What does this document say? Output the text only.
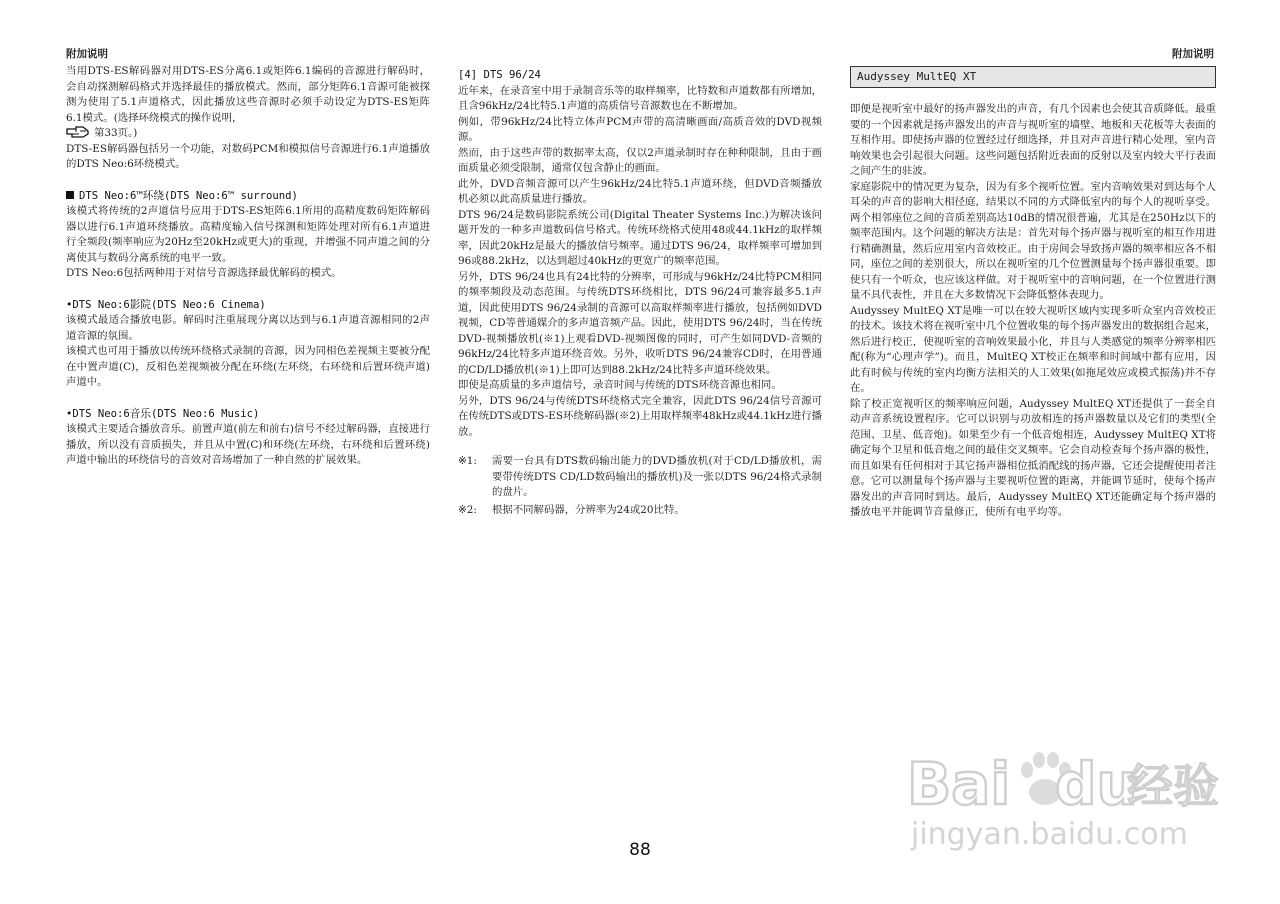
附加说明	附加说明

当用DTS-ES解码器对用DTS-ES分离6.1或矩阵6.1编码的音源进行解码时，会自动探测解码格式并选择最佳的播放模式。然而，部分矩阵6.1音源可能被探测为使用了5.1声道格式，因此播放这些音源时必须手动设定为DTS-ES矩阵6.1模式。(选择环绕模式的操作说明，
第33页。)

DTS-ES解码器包括另一个功能，对数码PCM和模拟信号音源进行6.1声道播放的DTS Neo:6环绕模式。

DTS Neo:6™环绕(DTS Neo:6™ surround)

该模式将传统的2声道信号应用于DTS-ES矩阵6.1所用的高精度数码矩阵解码器以进行6.1声道环绕播放。高精度输入信号探测和矩阵处理对所有6.1声道进行全频段(频率响应为20Hz至20kHz或更大)的重现，并增强不同声道之间的分离使其与数码分离系统的电平一致。

DTS Neo:6包括两种用于对信号音源选择最优解码的模式。

•DTS Neo:6影院(DTS Neo:6 Cinema)

该模式最适合播放电影。解码时注重展现分离以达到与6.1声道音源相同的2声道音源的氛围。

该模式也可用于播放以传统环绕格式录制的音源，因为同相色差视频主要被分配在中置声道(C)，反相色差视频被分配在环绕(左环绕，右环绕和后置环绕声道)声道中。

•DTS Neo:6音乐(DTS Neo:6 Music)

该模式主要适合播放音乐。前置声道(前左和前右)信号不经过解码器，直接进行播放，所以没有音质损失，并且从中置(C)和环绕(左环绕，右环绕和后置环绕)声道中输出的环绕信号的音效对音场增加了一种自然的扩展效果。

[4] DTS 96/24

近年来，在录音室中用于录制音乐等的取样频率，比特数和声道数都有所增加，且含96kHz/24比特5.1声道的高质信号音源数也在不断增加。

例如，带96kHz/24比特立体声PCM声带的高清晰画面/高质音效的DVD视频源。

然而，由于这些声带的数据率太高，仅以2声道录制时存在种种限制，且由于画面质量必须受限制，通常仅包含静止的画面。

此外，DVD音频音源可以产生96kHz/24比特5.1声道环绕，但DVD音频播放机必须以此高质量进行播放。

DTS 96/24是数码影院系统公司(Digital Theater Systems Inc.)为解决该问题开发的一种多声道数码信号格式。传统环绕格式使用48或44.1kHz的取样频率，因此20kHz是最大的播放信号频率。通过DTS 96/24，取样频率可增加到96或88.2kHz，以达到超过40kHz的更宽广的频率范围。

另外，DTS 96/24也具有24比特的分辨率，可形成与96kHz/24比特PCM相同的频率频段及动态范围。与传统DTS环绕相比，DTS 96/24可兼容最多5.1声道，因此使用DTS 96/24录制的音源可以高取样频率进行播放，包括例如DVD视频，CD等普通媒介的多声道音频产品。因此，使用DTS 96/24时，当在传统DVD-视频播放机(※1)上观看DVD-视频图像的同时，可产生如同DVD-音频的96kHz/24比特多声道环绕音效。另外，收听DTS 96/24兼容CD时，在用普通的CD/LD播放机(※1)上即可达到88.2kHz/24比特多声道环绕效果。

即使是高质量的多声道信号，录音时间与传统的DTS环绕音源也相同。

另外，DTS 96/24与传统DTS环绕格式完全兼容，因此DTS 96/24信号音源可在传统DTS或DTS-ES环绕解码器(※2)上用取样频率48kHz或44.1kHz进行播放。

※1:	需要一台具有DTS数码输出能力的DVD播放机(对于CD/LD播放机，需要带传统DTS CD/LD数码输出的播放机)及一张以DTS 96/24格式录制的盘片。
※2:	根据不同解码器，分辨率为24或20比特。
Audyssey MultEQ XT

即便是视听室中最好的扬声器发出的声音，有几个因素也会使其音质降低。最重要的一个因素就是扬声器发出的声音与视听室的墙壁、地板和天花板等大表面的互相作用。即使扬声器的位置经过仔细选择，并且对声音进行精心处理，室内音响效果也会引起很大问题。这些问题包括附近表面的反射以及室内较大平行表面之间产生的驻波。

家庭影院中的情况更为复杂，因为有多个视听位置。室内音响效果对到达每个人耳朵的声音的影响大相径庭，结果以不同的方式降低室内的每个人的视听享受。两个相邻座位之间的音质差别高达10dB的情况很普遍，尤其是在250Hz以下的频率范围内。这个问题的解决方法是：首先对每个扬声器与视听室的相互作用进行精确测量，然后应用室内音效校正。由于房间会导致扬声器的频率相应各不相同，座位之间的差别很大，所以在视听室的几个位置测量每个扬声器很重要。即使只有一个听众，也应该这样做。对于视听室中的音响问题，在一个位置进行测量不具代表性，并且在大多数情况下会降低整体表现力。

Audyssey MultEQ XT是唯一可以在较大视听区域内实现多听众室内音效校正的技术。该技术将在视听室中几个位置收集的每个扬声器发出的数据组合起来，然后进行校正，使视听室的音响效果最小化，并且与人类感觉的频率分辨率相匹配(称为“心理声学”)。而且，MultEQ XT校正在频率和时间域中都有应用，因此有时候与传统的室内均衡方法相关的人工效果(如拖尾效应或模式振荡)并不存在。

除了校正宽视听区的频率响应问题，Audyssey MultEQ XT还提供了一套全自动声音系统设置程序。它可以识别与功放相连的扬声器数量以及它们的类型(全范围、卫星、低音炮)。如果至少有一个低音炮相连，Audyssey MultEQ XT将确定每个卫星和低音炮之间的最佳交叉频率。它会自动检查每个扬声器的极性，而且如果有任何相对于其它扬声器相位抵消配线的扬声器，它还会提醒使用者注意。它可以测量每个扬声器与主要视听位置的距离，并能调节延时，使每个扬声器发出的声音同时到达。最后，Audyssey MultEQ XT还能确定每个扬声器的播放电平并能调节音量修正，使所有电平均等。

88
Bai du
经验
jingyan.baidu.com
